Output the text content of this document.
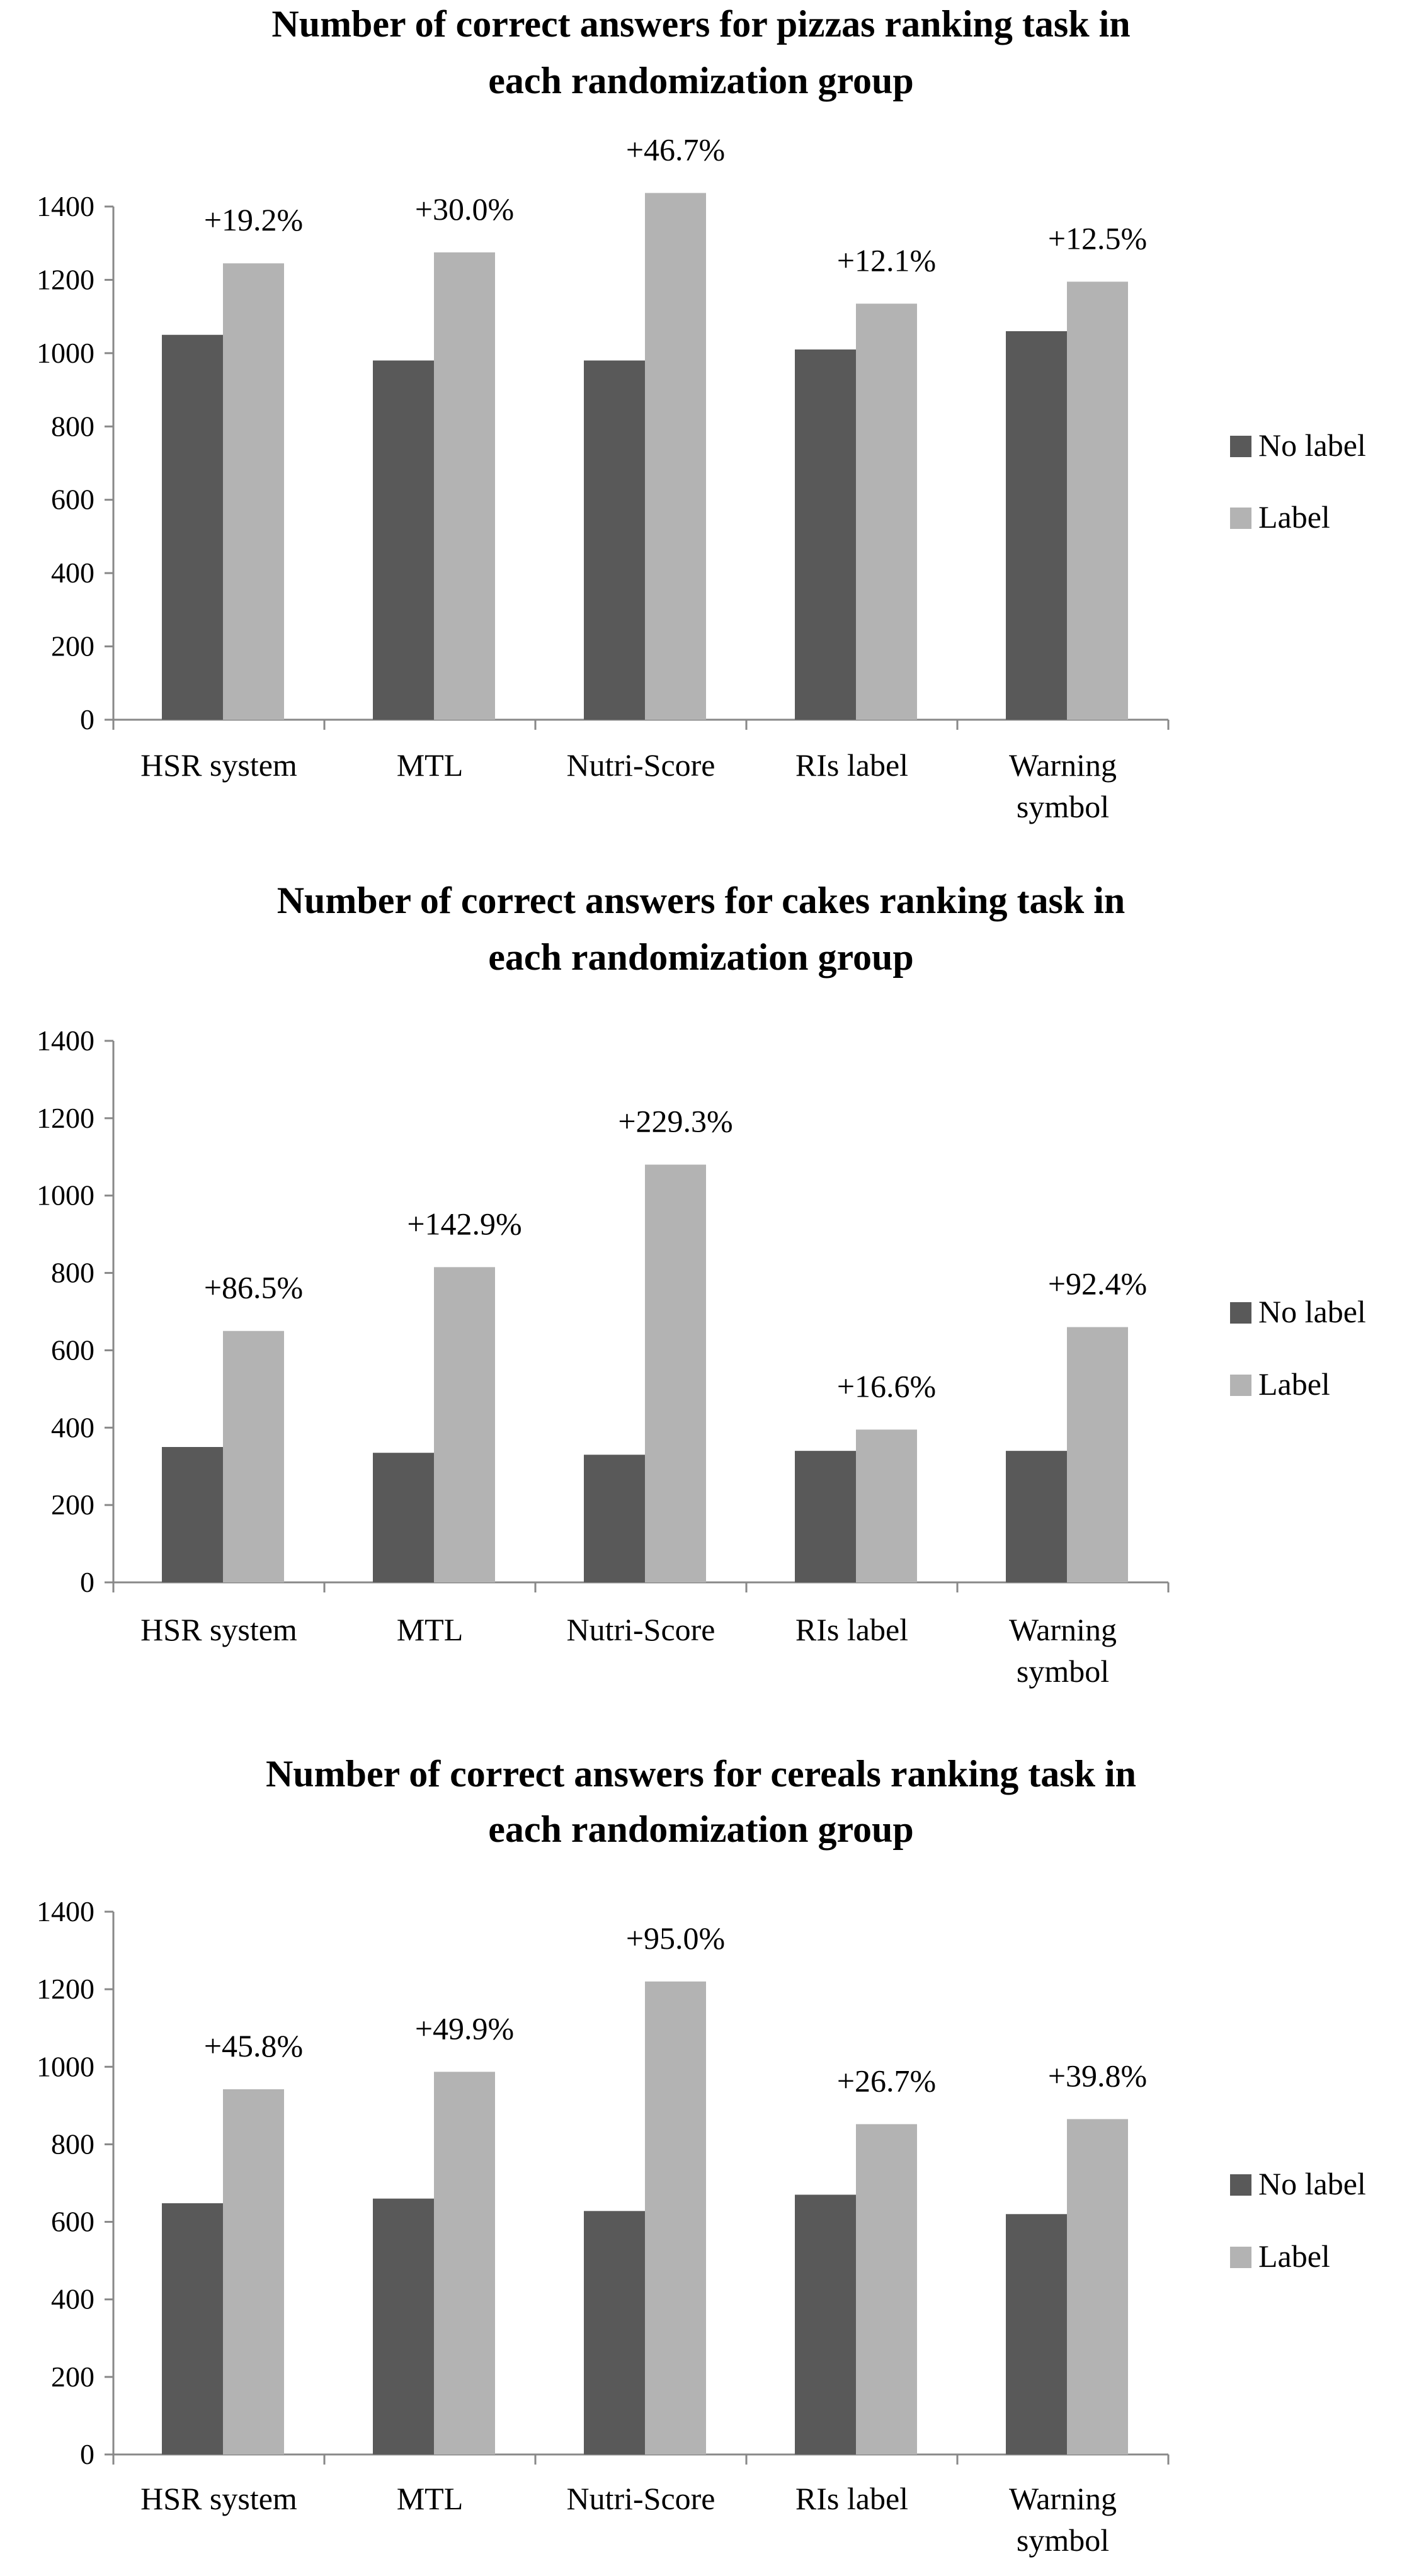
Number of correct answers for pizzas ranking task in
each randomization group
0
200
400
600
800
1000
1200
1400	+19.2%
HSR system
+30.0%
MTL
+46.7%
Nutri-Score
+12.1%
RIs label
+12.5%
Warning
symbol
No label
Label
Number of correct answers for cakes ranking task in
each randomization group
0
200
400
600
800
1000
1200
1400
+86.5%
HSR system
+142.9%
MTL
+229.3%
Nutri-Score
+16.6%
RIs label
+92.4%
Warning
symbol
No label
Label
Number of correct answers for cereals ranking task in
each randomization group
0
200
400
600
800
1000
1200
1400
+45.8%
HSR system
+49.9%
MTL
+95.0%
Nutri-Score
+26.7%
RIs label
+39.8%
Warning
symbol
No label
Label
